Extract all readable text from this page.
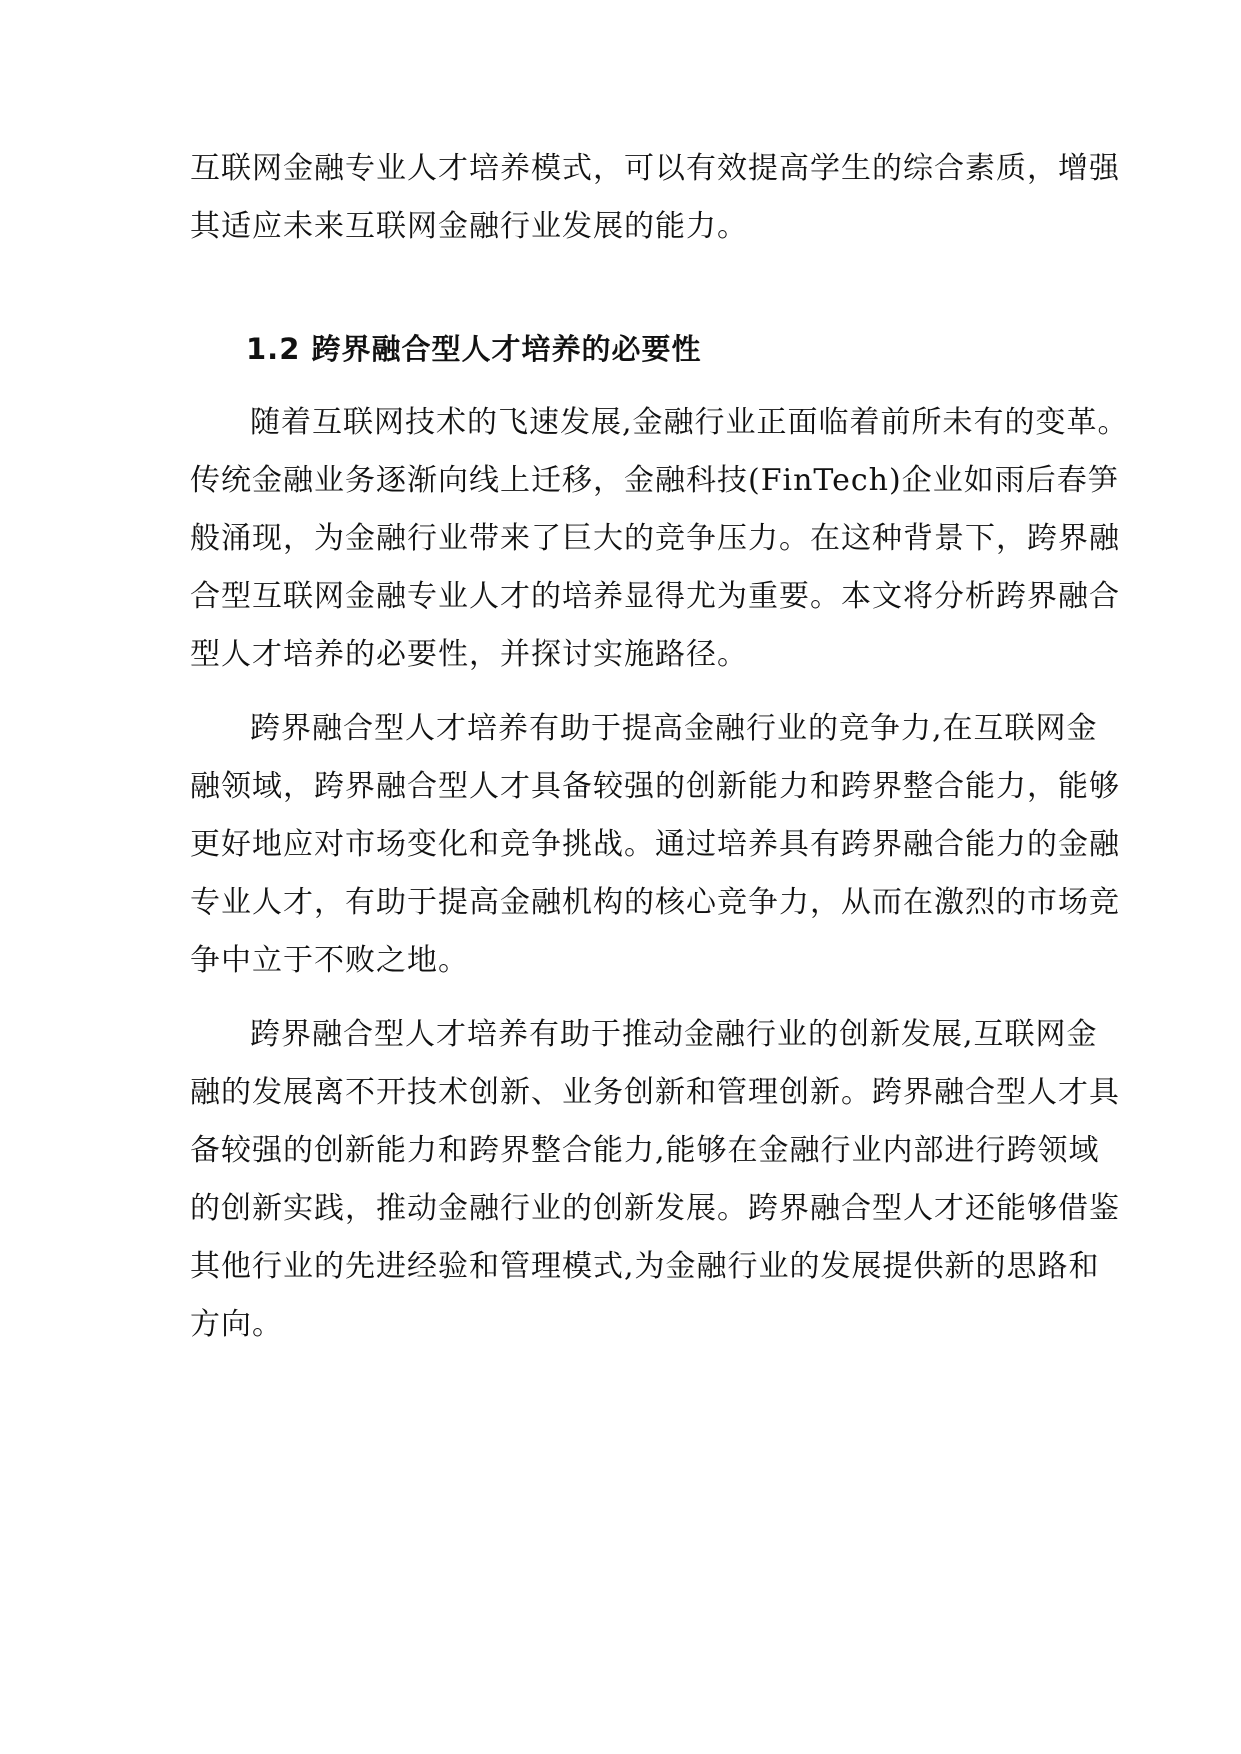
互联网金融专业人才培养模式，可以有效提高学生的综合素质，增强
其适应未来互联网金融行业发展的能力。
1.2 跨界融合型人才培养的必要性
随着互联网技术的飞速发展,金融行业正面临着前所未有的变革。
传统金融业务逐渐向线上迁移，金融科技(FinTech)企业如雨后春笋
般涌现，为金融行业带来了巨大的竞争压力。在这种背景下，跨界融
合型互联网金融专业人才的培养显得尤为重要。本文将分析跨界融合
型人才培养的必要性，并探讨实施路径。
跨界融合型人才培养有助于提高金融行业的竞争力,在互联网金
融领域，跨界融合型人才具备较强的创新能力和跨界整合能力，能够
更好地应对市场变化和竞争挑战。通过培养具有跨界融合能力的金融
专业人才，有助于提高金融机构的核心竞争力，从而在激烈的市场竞
争中立于不败之地。
跨界融合型人才培养有助于推动金融行业的创新发展,互联网金
融的发展离不开技术创新、业务创新和管理创新。跨界融合型人才具
备较强的创新能力和跨界整合能力,能够在金融行业内部进行跨领域
的创新实践，推动金融行业的创新发展。跨界融合型人才还能够借鉴
其他行业的先进经验和管理模式,为金融行业的发展提供新的思路和
方向。
